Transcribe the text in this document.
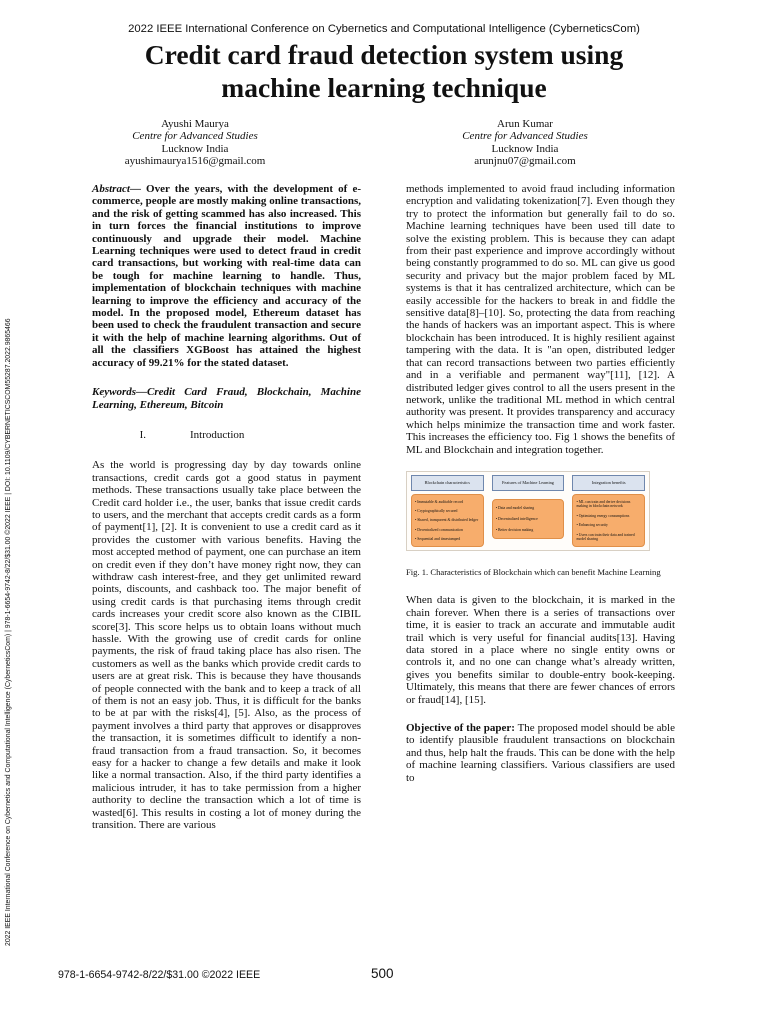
2022 IEEE International Conference on Cybernetics and Computational Intelligence (CyberneticsCom)
Credit card fraud detection system using
machine learning technique
Ayushi Maurya
Centre for Advanced Studies
Lucknow India
ayushimaurya1516@gmail.com
Arun Kumar
Centre for Advanced Studies
Lucknow India
arunjnu07@gmail.com
2022 IEEE International Conference on Cybernetics and Computational Intelligence (CyberneticsCom) | 978-1-6654-9742-8/22/$31.00 ©2022 IEEE | DOI: 10.1109/CYBERNETICSCOM55287.2022.9865466

Abstract— Over the years, with the development of e-commerce, people are mostly making online transactions, and the risk of getting scammed has also increased. This in turn forces the financial institutions to improve continuously and upgrade their model. Machine Learning techniques were used to detect fraud in credit card transactions, but working with real-time data can be tough for machine learning to handle. Thus, implementation of blockchain techniques with machine learning to improve the efficiency and accuracy of the model. In the proposed model, Ethereum dataset has been used to check the fraudulent transaction and secure it with the help of machine learning algorithms. Out of all the classifiers XGBoost has attained the highest accuracy of 99.21% for the stated dataset.

Keywords—Credit Card Fraud, Blockchain, Machine Learning, Ethereum, Bitcoin

I.	Introduction

As the world is progressing day by day towards online transactions, credit cards got a good status in payment methods. These transactions usually take place between the Credit card holder i.e., the user, banks that issue credit cards to users, and the merchant that accepts credit cards as a form of payment[1], [2]. It is convenient to use a credit card as it provides the customer with various benefits. Having the most accepted method of payment, one can purchase an item on credit even if they don’t have money right now, they can withdraw cash interest-free, and they get unlimited reward points, discounts, and cashback too. The major benefit of using credit cards is that purchasing items through credit cards increases your credit score also known as the CIBIL score[3]. This score helps us to obtain loans without much hassle. With the growing use of credit cards for online payments, the risk of fraud taking place has also risen. The customers as well as the banks which provide credit cards to users are at great risk. This is because they have thousands of people connected with the bank and to keep a track of all of them is not an easy job. Thus, it is difficult for the banks to be at par with the risks[4], [5]. Also, as the process of payment involves a third party that approves or disapproves the transaction, it is sometimes difficult to identify a non-fraud transaction from a fraud transaction. So, it becomes easy for a hacker to change a few details and make it look like a normal transaction. Also, if the third party identifies a malicious intruder, it has to take permission from a higher authority to decline the transaction which a lot of time is wasted[6]. This results in costing a lot of money during the transition. There are various

methods implemented to avoid fraud including information encryption and validating tokenization[7]. Even though they try to protect the information but generally fail to do so. Machine learning techniques have been used till date to solve the existing problem. This is because they can adapt from their past experience and improve accordingly without being constantly programmed to do so. ML can give us good security and privacy but the major problem faced by ML systems is that it has centralized architecture, which can be easily accessible for the hackers to break in and fiddle the sensitive data[8]–[10]. So, protecting the data from reaching the hands of hackers was an important aspect. This is where blockchain has been introduced. It is highly resilient against tampering with the data. It is "an open, distributed ledger that can record transactions between two parties efficiently and in a verifiable and permanent way"[11], [12]. A distributed ledger gives control to all the users present in the network, unlike the traditional ML method in which central authority was present. It provides transparency and accuracy which helps minimize the transaction time and work faster. This increases the efficiency too. Fig 1 shows the benefits of ML and Blockchain and integration together.

Blockchain characteristics
• Immutable & auditable record
• Cryptographically secured
• Shared, transparent & distributed ledger
• Decentralized communication
• Sequential and timestamped
Features of Machine Learning
• Data and model sharing
• Decentralized intelligence
• Better decision making
Integration benefits
• ML can train and derive decisions making in blockchain network
• Optimizing energy consumptions
• Enhancing security
• Users can train their data and trained model sharing

Fig. 1. Characteristics of Blockchain which can benefit Machine Learning

When data is given to the blockchain, it is marked in the chain forever. When there is a series of transactions over time, it is easier to track an accurate and immutable audit trail which is very useful for financial audits[13]. Having data stored in a place where no single entity owns or controls it, and no one can change what’s already written, gives you benefits similar to double-entry book-keeping. Ultimately, this means that there are fewer chances of errors or fraud[14], [15].

Objective of the paper: The proposed model should be able to identify plausible fraudulent transactions on blockchain and thus, help halt the frauds. This can be done with the help of machine learning classifiers. Various classifiers are used to

978-1-6654-9742-8/22/$31.00 ©2022 IEEE	500
